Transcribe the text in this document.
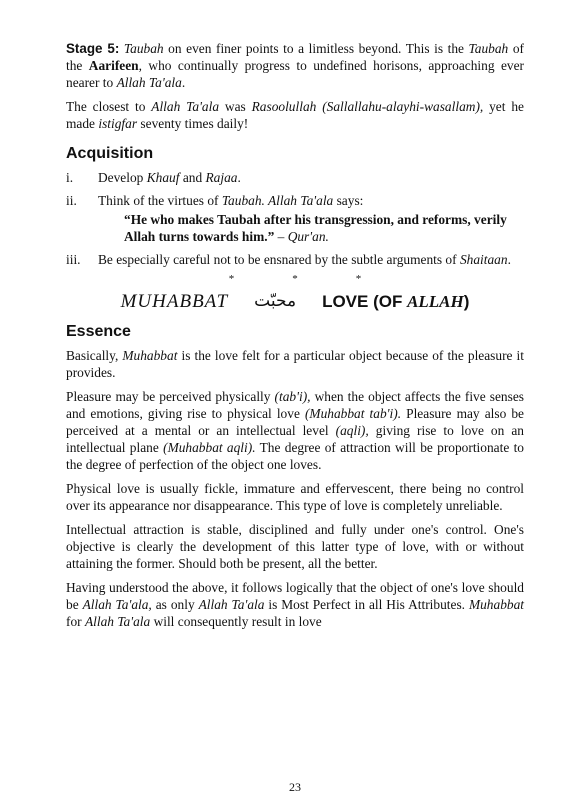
Stage 5: Taubah on even finer points to a limitless beyond. This is the Taubah of the Aarifeen, who continually progress to undefined horisons, approaching ever nearer to Allah Ta'ala.

The closest to Allah Ta'ala was Rasoolullah (Sallallahu-alayhi-wasallam), yet he made istigfar seventy times daily!

Acquisition
i.	Develop Khauf and Rajaa.
ii.	Think of the virtues of Taubah. Allah Ta'ala says:
“He who makes Taubah after his transgression, and reforms, verily Allah turns towards him.” – Qur'an.
iii.	Be especially careful not to be ensnared by the subtle arguments of Shaitaan.
*	*	*
MUHABBAT محبّت LOVE (OF ALLAH)
Essence

Basically, Muhabbat is the love felt for a particular object because of the pleasure it provides.

Pleasure may be perceived physically (tab'i), when the object affects the five senses and emotions, giving rise to physical love (Muhabbat tab'i). Pleasure may also be perceived at a mental or an intellectual level (aqli), giving rise to love on an intellectual plane (Muhabbat aqli). The degree of attraction will be proportionate to the degree of perfection of the object one loves.

Physical love is usually fickle, immature and effervescent, there being no control over its appearance nor disappearance. This type of love is completely unreliable.

Intellectual attraction is stable, disciplined and fully under one's control. One's objective is clearly the development of this latter type of love, with or without attaining the former. Should both be present, all the better.

Having understood the above, it follows logically that the object of one's love should be Allah Ta'ala, as only Allah Ta'ala is Most Perfect in all His Attributes. Muhabbat for Allah Ta'ala will consequently result in love

23
